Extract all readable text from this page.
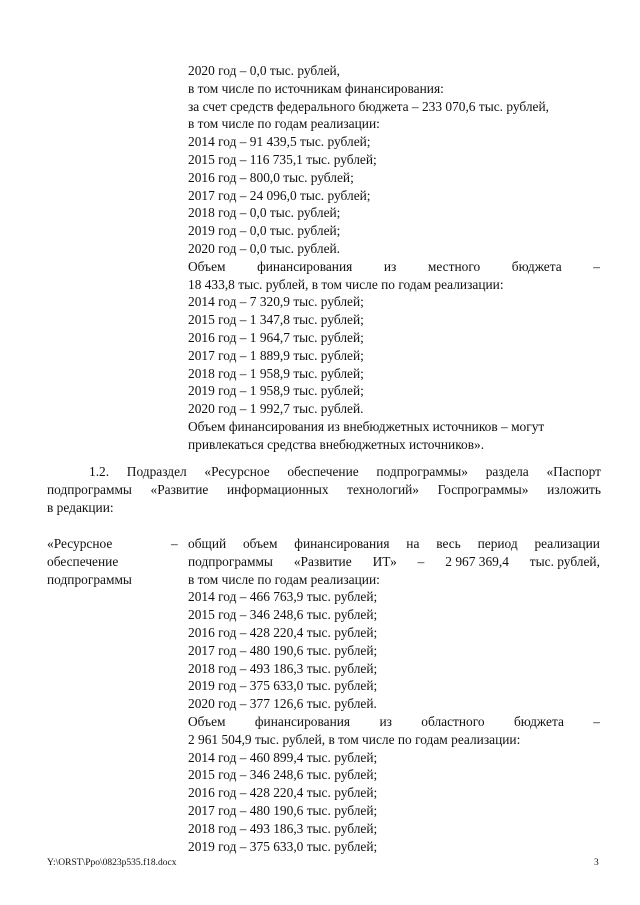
2020 год – 0,0 тыс. рублей,
в том числе по источникам финансирования:
за счет средств федерального бюджета – 233 070,6 тыс. рублей,
в том числе по годам реализации:
2014 год – 91 439,5 тыс. рублей;
2015 год – 116 735,1 тыс. рублей;
2016 год – 800,0 тыс. рублей;
2017 год – 24 096,0 тыс. рублей;
2018 год – 0,0 тыс. рублей;
2019 год – 0,0 тыс. рублей;
2020 год – 0,0 тыс. рублей.
Объем финансирования из местного бюджета –
18 433,8 тыс. рублей, в том числе по годам реализации:
2014 год – 7 320,9 тыс. рублей;
2015 год – 1 347,8 тыс. рублей;
2016 год – 1 964,7 тыс. рублей;
2017 год – 1 889,9 тыс. рублей;
2018 год – 1 958,9 тыс. рублей;
2019 год – 1 958,9 тыс. рублей;
2020 год – 1 992,7 тыс. рублей.
Объем финансирования из внебюджетных источников – могут
привлекаться средства внебюджетных источников».
1.2. Подраздел «Ресурсное обеспечение подпрограммы» раздела «Паспорт
подпрограммы «Развитие информационных технологий» Госпрограммы» изложить
в редакции:
«Ресурсное
обеспечение
подпрограммы
– общий объем финансирования на весь период реализации
подпрограммы «Развитие ИТ» – 2 967 369,4 тыс. рублей,
в том числе по годам реализации:
2014 год – 466 763,9 тыс. рублей;
2015 год – 346 248,6 тыс. рублей;
2016 год – 428 220,4 тыс. рублей;
2017 год – 480 190,6 тыс. рублей;
2018 год – 493 186,3 тыс. рублей;
2019 год – 375 633,0 тыс. рублей;
2020 год – 377 126,6 тыс. рублей.
Объем финансирования из областного бюджета –
2 961 504,9 тыс. рублей, в том числе по годам реализации:
2014 год – 460 899,4 тыс. рублей;
2015 год – 346 248,6 тыс. рублей;
2016 год – 428 220,4 тыс. рублей;
2017 год – 480 190,6 тыс. рублей;
2018 год – 493 186,3 тыс. рублей;
2019 год – 375 633,0 тыс. рублей;
Y:\ORST\Ppo\0823p535.f18.docx	3
